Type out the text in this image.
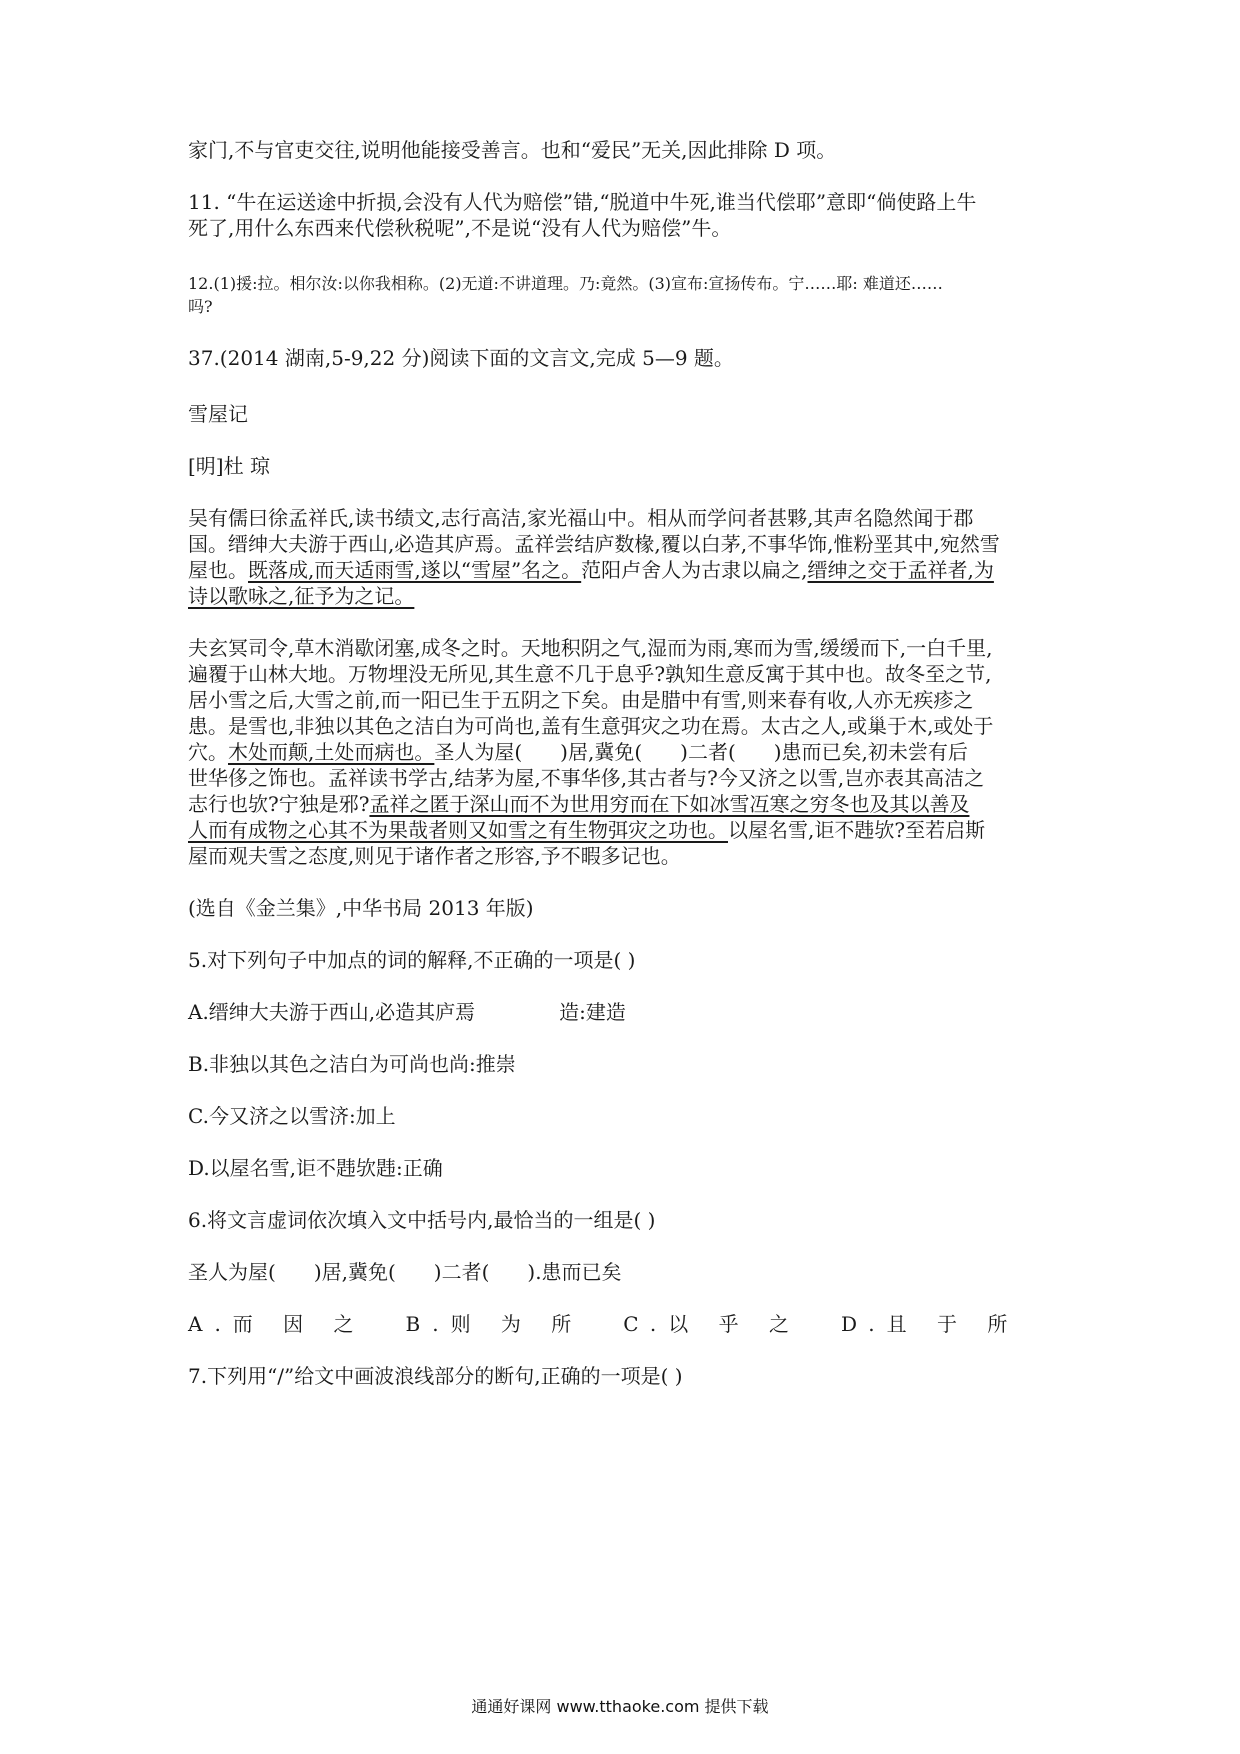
家门,不与官吏交往,说明他能接受善言。也和“爱民”无关,因此排除 D 项。

11. “牛在运送途中折损,会没有人代为赔偿”错,“脱道中牛死,谁当代偿耶”意即“倘使路上牛

死了,用什么东西来代偿秋税呢”,不是说“没有人代为赔偿”牛。

12.(1)援:拉。相尔汝:以你我相称。(2)无道:不讲道理。乃:竟然。(3)宣布:宣扬传布。宁……耶: 难道还……

吗?

37.(2014 湖南,5-9,22 分)阅读下面的文言文,完成 5—9 题。

雪屋记

[明]杜 琼

吴有儒曰徐孟祥氏,读书绩文,志行高洁,家光福山中。相从而学问者甚夥,其声名隐然闻于郡

国。缙绅大夫游于西山,必造其庐焉。孟祥尝结庐数椽,覆以白茅,不事华饰,惟粉垩其中,宛然雪

屋也。既落成,而天适雨雪,遂以“雪屋”名之。范阳卢舍人为古隶以扁之,缙绅之交于孟祥者,为

诗以歌咏之,征予为之记。

夫玄冥司令,草木消歇闭塞,成冬之时。天地积阴之气,湿而为雨,寒而为雪,缓缓而下,一白千里,

遍覆于山林大地。万物埋没无所见,其生意不几于息乎?孰知生意反寓于其中也。故冬至之节,

居小雪之后,大雪之前,而一阳已生于五阴之下矣。由是腊中有雪,则来春有收,人亦无疾疹之

患。是雪也,非独以其色之洁白为可尚也,盖有生意弭灾之功在焉。太古之人,或巢于木,或处于

穴。木处而颠,土处而病也。圣人为屋( )居,冀免( )二者( )患而已矣,初未尝有后

世华侈之饰也。孟祥读书学古,结茅为屋,不事华侈,其古者与?今又济之以雪,岂亦表其高洁之

志行也欤?宁独是邪?孟祥之匿于深山而不为世用穷而在下如冰雪冱寒之穷冬也及其以善及

人而有成物之心其不为果哉者则又如雪之有生物弭灾之功也。以屋名雪,讵不韪欤?至若启斯

屋而观夫雪之态度,则见于诸作者之形容,予不暇多记也。

(选自《金兰集》,中华书局 2013 年版)

5.对下列句子中加点的词的解释,不正确的一项是( )

A.缙绅大夫游于西山,必造其庐焉	造:建造

B.非独以其色之洁白为可尚也尚:推崇

C.今又济之以雪济:加上

D.以屋名雪,讵不韪欤韪:正确

6.将文言虚词依次填入文中括号内,最恰当的一组是( )

圣人为屋( )居,冀免( )二者( ).患而已矣

A.而 因 之 B.则 为 所 C.以 乎 之 D.且 于 所

7.下列用“/”给文中画波浪线部分的断句,正确的一项是( )

通通好课网 www.tthaoke.com 提供下载
